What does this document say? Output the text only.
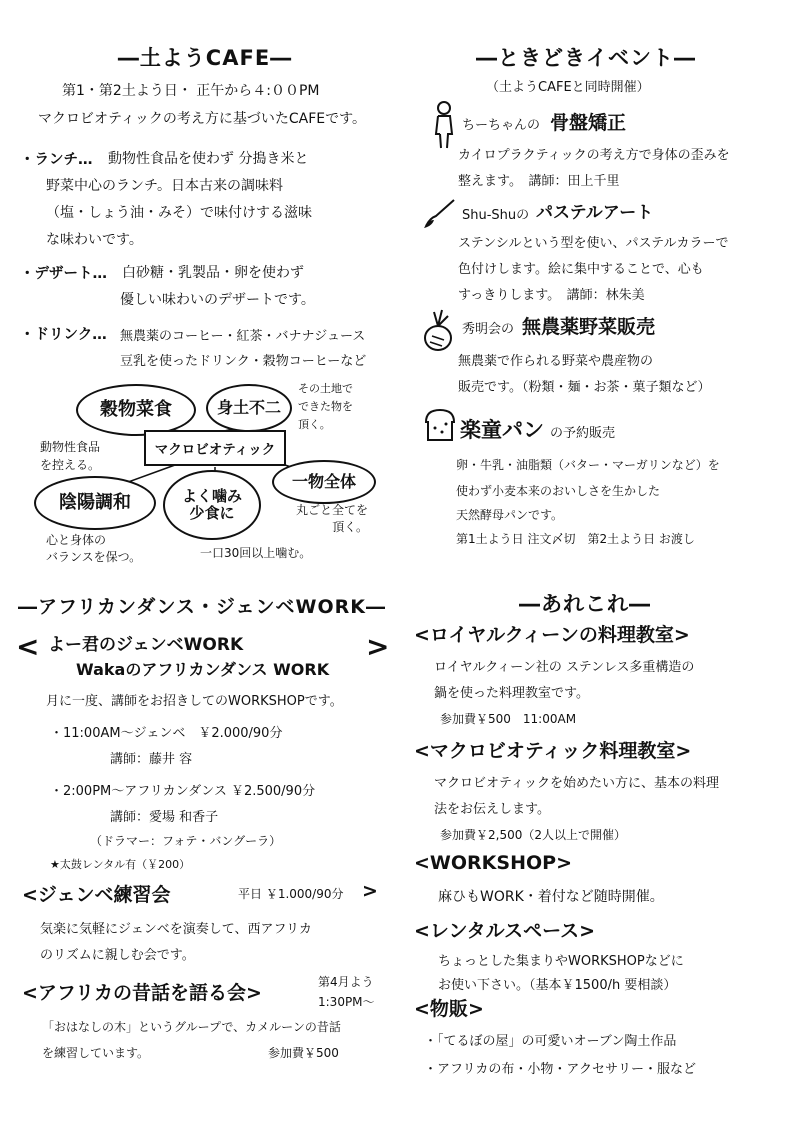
―土ようCAFE―
第1・第2土よう日・ 正午から４:００PM
マクロビオティックの考え方に基づいたCAFEです。
・ランチ… 動物性食品を使わず 分搗き米と
野菜中心のランチ。日本古来の調味料
（塩・しょう油・みそ）で味付けする滋味
な味わいです。
・デザート… 白砂糖・乳製品・卵を使わず
優しい味わいのデザートです。
・ドリンク… 無農薬のコーヒー・紅茶・バナナジュース
豆乳を使ったドリンク・穀物コーヒーなど
穀物菜食	身土不二
その土地で
できた物を
頂く。
動物性食品
を控える。
マクロビオティック
陰陽調和	よく噛み
少食に
一物全体
丸ごと全てを
頂く。
心と身体の
バランスを保つ。	一口30回以上噛む。
―アフリカンダンス・ジェンベWORK―
<	>
よー君のジェンベWORK
Wakaのアフリカンダンス WORK
月に一度、講師をお招きしてのWORKSHOPです。
・11:00AM～ジェンベ　￥2.000/90分
講師：藤井 容
・2:00PM～アフリカンダンス ￥2.500/90分
講師：愛場 和香子
（ドラマー：フォテ・バングーラ）
★太鼓レンタル有（￥200）
<ジェンベ練習会	平日 ￥1.000/90分 >
気楽に気軽にジェンベを演奏して、西アフリカ
のリズムに親しむ会です。
<アフリカの昔話を語る会>	第4月よう
1:30PM～
「おはなしの木」というグループで、カメルーンの昔話
を練習しています。	参加費￥500
―ときどきイベント―
（土ようCAFEと同時開催）
ちーちゃんの 骨盤矯正
カイロプラクティックの考え方で身体の歪みを
整えます。　講師：田上千里
Shu-Shuの パステルアート
ステンシルという型を使い、パステルカラーで
色付けします。絵に集中することで、心も
すっきりします。　講師：林朱美
秀明会の 無農薬野菜販売
無農薬で作られる野菜や農産物の
販売です。（粉類・麺・お茶・菓子類など）
楽童パン の予約販売
卵・牛乳・油脂類（バター・マーガリンなど）を
使わず小麦本来のおいしさを生かした
天然酵母パンです。
第1土よう日 注文〆切　第2土よう日 お渡し
―あれこれ―
<ロイヤルクィーンの料理教室>
ロイヤルクィーン社の ステンレス多重構造の
鍋を使った料理教室です。
参加費￥500　11:00AM
<マクロビオティック料理教室>
マクロビオティックを始めたい方に、基本の料理
法をお伝えします。
参加費￥2,500（2人以上で開催）
<WORKSHOP>
麻ひもWORK・着付など随時開催。
<レンタルスペース>
ちょっとした集まりやWORKSHOPなどに
お使い下さい。（基本￥1500/h 要相談）
<物販>
・「てるぼの屋」の可愛いオーブン陶土作品
・アフリカの布・小物・アクセサリー・服など
